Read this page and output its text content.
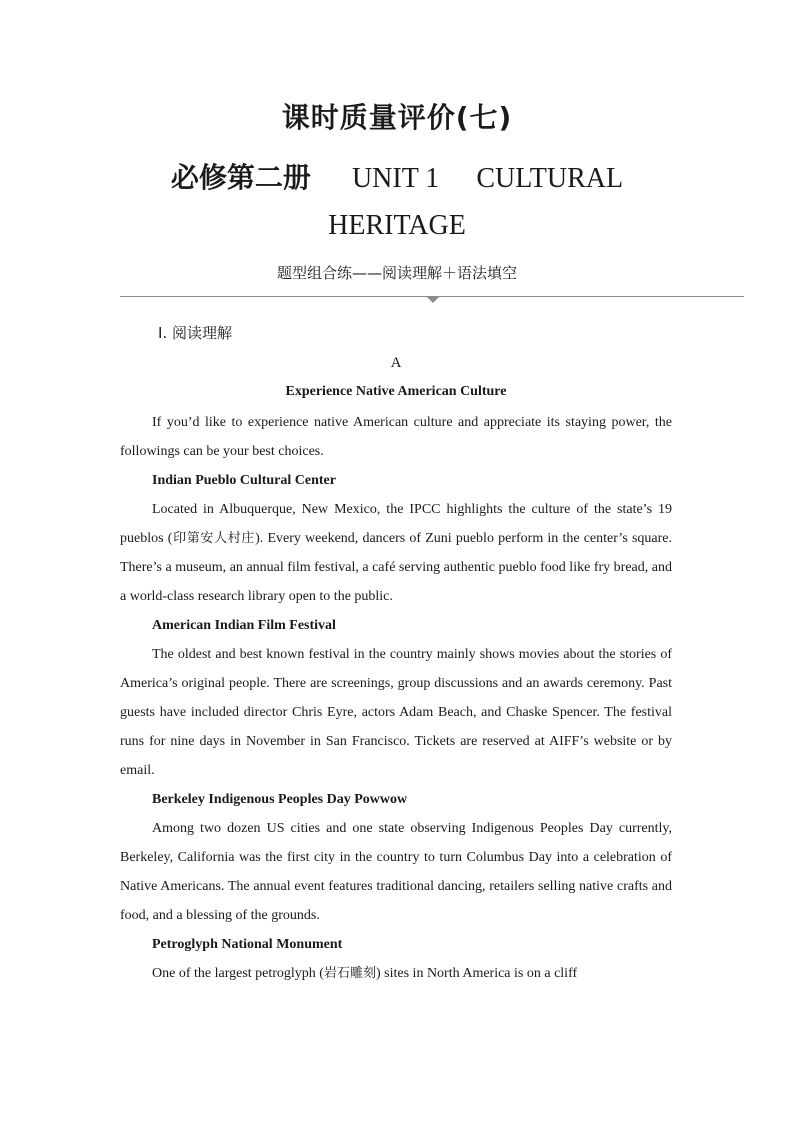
课时质量评价(七)
必修第二册 UNIT 1 CULTURAL
HERITAGE
题型组合练——阅读理解＋语法填空
Ⅰ. 阅读理解
A
Experience Native American Culture

If you’d like to experience native American culture and appreciate its staying power, the followings can be your best choices.

Indian Pueblo Cultural Center

Located in Albuquerque, New Mexico, the IPCC highlights the culture of the state’s 19 pueblos (印第安人村庄). Every weekend, dancers of Zuni pueblo perform in the center’s square. There’s a museum, an annual film festival, a café serving authentic pueblo food like fry bread, and a world-class research library open to the public.

American Indian Film Festival

The oldest and best known festival in the country mainly shows movies about the stories of America’s original people. There are screenings, group discussions and an awards ceremony. Past guests have included director Chris Eyre, actors Adam Beach, and Chaske Spencer. The festival runs for nine days in November in San Francisco. Tickets are reserved at AIFF’s website or by email.

Berkeley Indigenous Peoples Day Powwow

Among two dozen US cities and one state observing Indigenous Peoples Day currently, Berkeley, California was the first city in the country to turn Columbus Day into a celebration of Native Americans. The annual event features traditional dancing, retailers selling native crafts and food, and a blessing of the grounds.

Petroglyph National Monument

One of the largest petroglyph (岩石雕刻) sites in North America is on a cliff
